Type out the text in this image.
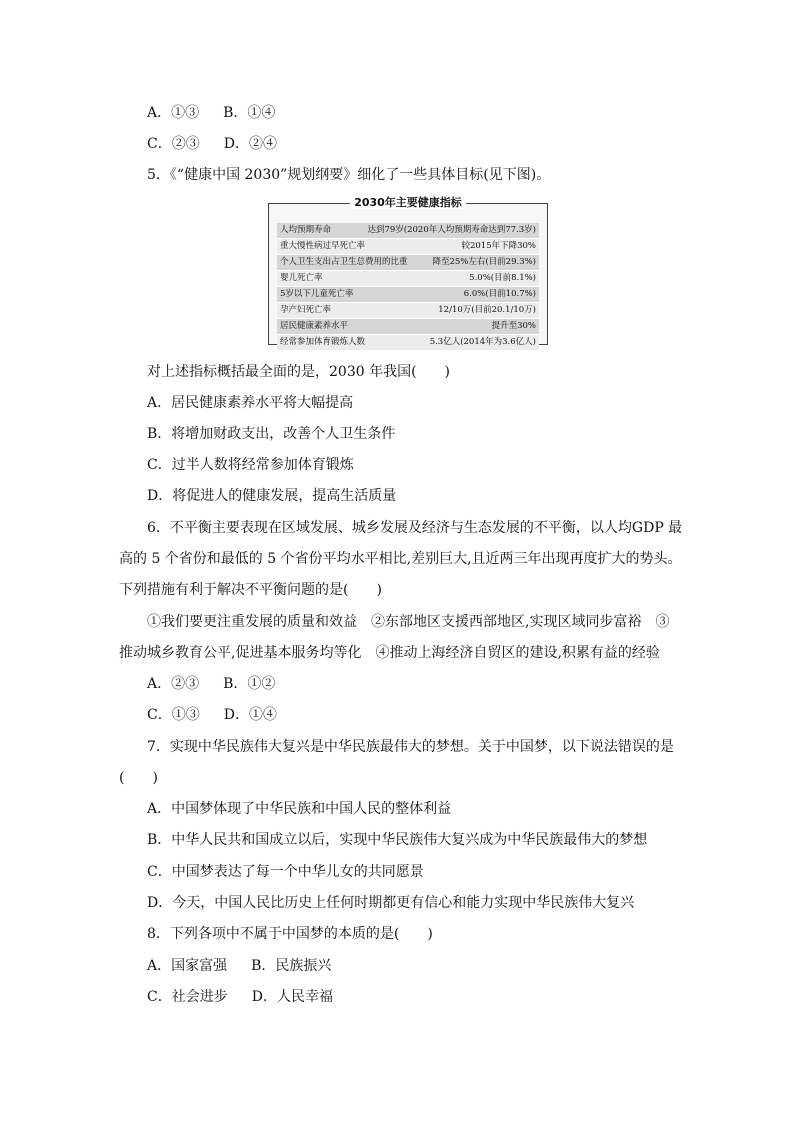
A．①③ B．①④
C．②③ D．②④
5．《“健康中国 2030”规划纲要》细化了一些具体目标(见下图)。
2030年主要健康指标
人均预期寿命	达到79岁(2020年人均预期寿命达到77.3岁)
重大慢性病过早死亡率	较2015年下降30%
个人卫生支出占卫生总费用的比重	降至25%左右(目前29.3%)
婴儿死亡率	5.0%(目前8.1%)
5岁以下儿童死亡率	6.0%(目前10.7%)
孕产妇死亡率	12/10万(目前20.1/10万)
居民健康素养水平	提升至30%
经常参加体育锻炼人数	5.3亿人(2014年为3.6亿人)
对上述指标概括最全面的是，2030 年我国(　　)
A．居民健康素养水平将大幅提高
B．将增加财政支出，改善个人卫生条件
C．过半人数将经常参加体育锻炼
D．将促进人的健康发展，提高生活质量
6．不平衡主要表现在区域发展、城乡发展及经济与生态发展的不平衡，以人均GDP 最
高的 5 个省份和最低的 5 个省份平均水平相比,差别巨大,且近两三年出现再度扩大的势头。
下列措施有利于解决不平衡问题的是(　　)
①我们要更注重发展的质量和效益　②东部地区支援西部地区,实现区域同步富裕　③
推动城乡教育公平,促进基本服务均等化　④推动上海经济自贸区的建设,积累有益的经验
A．②③ B．①②
C．①③ D．①④
7．实现中华民族伟大复兴是中华民族最伟大的梦想。关于中国梦，以下说法错误的是
(　　)
A．中国梦体现了中华民族和中国人民的整体利益
B．中华人民共和国成立以后，实现中华民族伟大复兴成为中华民族最伟大的梦想
C．中国梦表达了每一个中华儿女的共同愿景
D．今天，中国人民比历史上任何时期都更有信心和能力实现中华民族伟大复兴
8．下列各项中不属于中国梦的本质的是(　　)
A．国家富强 B．民族振兴
C．社会进步 D．人民幸福
